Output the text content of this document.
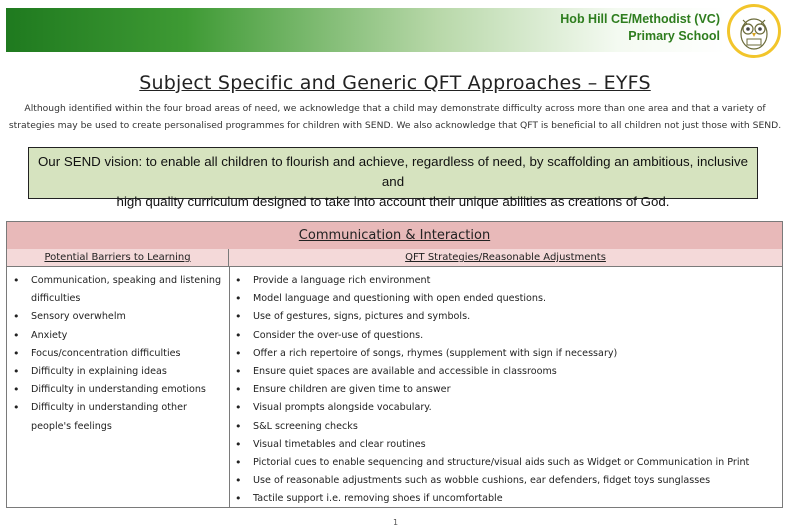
Hob Hill CE/Methodist (VC)
Primary School
Subject Specific and Generic QFT Approaches – EYFS
Although identified within the four broad areas of need, we acknowledge that a child may demonstrate difficulty across more than one area and that a variety of strategies may be used to create personalised programmes for children with SEND. We also acknowledge that QFT is beneficial to all children not just those with SEND.
Our SEND vision: to enable all children to flourish and achieve, regardless of need, by scaffolding an ambitious, inclusive and
high quality curriculum designed to take into account their unique abilities as creations of God.
Communication & Interaction
Potential Barriers to Learning	QFT Strategies/Reasonable Adjustments
• Communication, speaking and listening difficulties
• Sensory overwhelm
• Anxiety
• Focus/concentration difficulties
• Difficulty in explaining ideas
• Difficulty in understanding emotions
• Difficulty in understanding other people's feelings
• Provide a language rich environment
• Model language and questioning with open ended questions.
• Use of gestures, signs, pictures and symbols.
• Consider the over-use of questions.
• Offer a rich repertoire of songs, rhymes (supplement with sign if necessary)
• Ensure quiet spaces are available and accessible in classrooms
• Ensure children are given time to answer
• Visual prompts alongside vocabulary.
• S&L screening checks
• Visual timetables and clear routines
• Pictorial cues to enable sequencing and structure/visual aids such as Widget or Communication in Print
• Use of reasonable adjustments such as wobble cushions, ear defenders, fidget toys sunglasses
• Tactile support i.e. removing shoes if uncomfortable
1
